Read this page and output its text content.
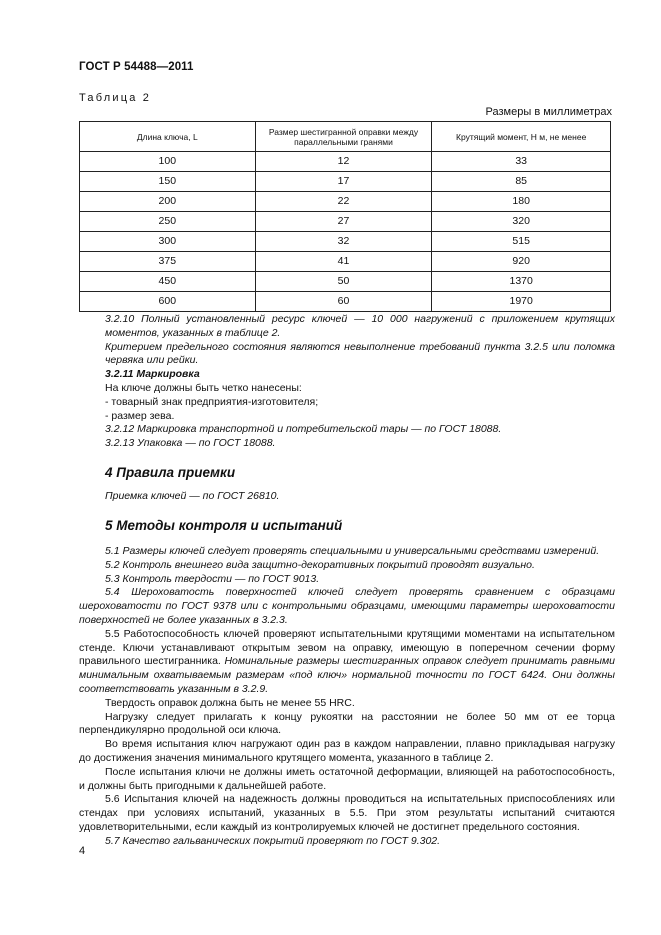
ГОСТ Р 54488—2011
Таблица 2
Размеры в миллиметрах
Длина ключа, L	Размер шестигранной оправки между параллельными гранями	Крутящий момент, Н м, не менее
100	12	33
150	17	85
200	22	180
250	27	320
300	32	515
375	41	920
450	50	1370
600	60	1970

3.2.10 Полный установленный ресурс ключей — 10 000 нагружений с приложением крутящих моментов, указанных в таблице 2.

Критерием предельного состояния являются невыполнение требований пункта 3.2.5 или поломка червяка или рейки.

3.2.11 Маркировка

На ключе должны быть четко нанесены:

- товарный знак предприятия-изготовителя;

- размер зева.

3.2.12 Маркировка транспортной и потребительской тары — по ГОСТ 18088.

3.2.13 Упаковка — по ГОСТ 18088.

4 Правила приемки
Приемка ключей — по ГОСТ 26810.
5 Методы контроля и испытаний

5.1 Размеры ключей следует проверять специальными и универсальными средствами измерений.

5.2 Контроль внешнего вида защитно-декоративных покрытий проводят визуально.

5.3 Контроль твердости — по ГОСТ 9013.

5.4 Шероховатость поверхностей ключей следует проверять сравнением с образцами шероховатости по ГОСТ 9378 или с контрольными образцами, имеющими параметры шероховатости поверхностей не более указанных в 3.2.3.

5.5 Работоспособность ключей проверяют испытательными крутящими моментами на испытательном стенде. Ключи устанавливают открытым зевом на оправку, имеющую в поперечном сечении форму правильного шестигранника. Номинальные размеры шестигранных оправок следует принимать равными минимальным охватываемым размерам «под ключ» нормальной точности по ГОСТ 6424. Они должны соответствовать указанным в 3.2.9.

Твердость оправок должна быть не менее 55 HRC.

Нагрузку следует прилагать к концу рукоятки на расстоянии не более 50 мм от ее торца перпендикулярно продольной оси ключа.

Во время испытания ключ нагружают один раз в каждом направлении, плавно прикладывая нагрузку до достижения значения минимального крутящего момента, указанного в таблице 2.

После испытания ключи не должны иметь остаточной деформации, влияющей на работоспособность, и должны быть пригодными к дальнейшей работе.

5.6 Испытания ключей на надежность должны проводиться на испытательных приспособлениях или стендах при условиях испытаний, указанных в 5.5. При этом результаты испытаний считаются удовлетворительными, если каждый из контролируемых ключей не достигнет предельного состояния.

5.7 Качество гальванических покрытий проверяют по ГОСТ 9.302.

4
